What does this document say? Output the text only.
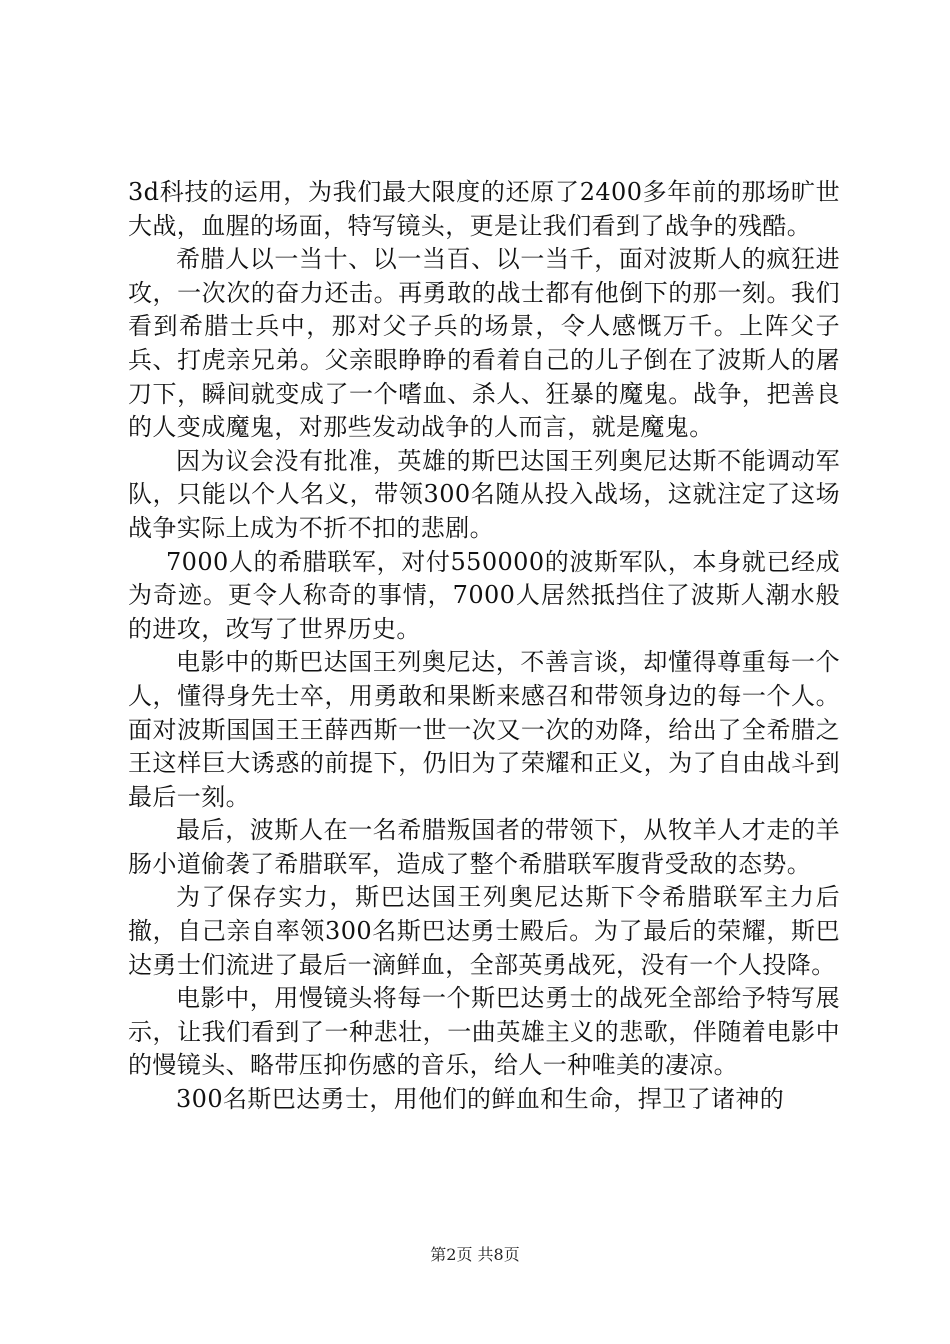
3d科技的运用，为我们最大限度的还原了2400多年前的那场旷世大战，血腥的场面，特写镜头，更是让我们看到了战争的残酷。

希腊人以一当十、以一当百、以一当千，面对波斯人的疯狂进攻，一次次的奋力还击。再勇敢的战士都有他倒下的那一刻。我们看到希腊士兵中，那对父子兵的场景，令人感慨万千。上阵父子兵、打虎亲兄弟。父亲眼睁睁的看着自己的儿子倒在了波斯人的屠刀下，瞬间就变成了一个嗜血、杀人、狂暴的魔鬼。战争，把善良的人变成魔鬼，对那些发动战争的人而言，就是魔鬼。

因为议会没有批准，英雄的斯巴达国王列奥尼达斯不能调动军队，只能以个人名义，带领300名随从投入战场，这就注定了这场战争实际上成为不折不扣的悲剧。

7000人的希腊联军，对付550000的波斯军队，本身就已经成为奇迹。更令人称奇的事情，7000人居然抵挡住了波斯人潮水般的进攻，改写了世界历史。

电影中的斯巴达国王列奥尼达，不善言谈，却懂得尊重每一个人，懂得身先士卒，用勇敢和果断来感召和带领身边的每一个人。面对波斯国国王王薛西斯一世一次又一次的劝降，给出了全希腊之王这样巨大诱惑的前提下，仍旧为了荣耀和正义，为了自由战斗到最后一刻。

最后，波斯人在一名希腊叛国者的带领下，从牧羊人才走的羊肠小道偷袭了希腊联军，造成了整个希腊联军腹背受敌的态势。

为了保存实力，斯巴达国王列奥尼达斯下令希腊联军主力后撤，自己亲自率领300名斯巴达勇士殿后。为了最后的荣耀，斯巴达勇士们流进了最后一滴鲜血，全部英勇战死，没有一个人投降。

电影中，用慢镜头将每一个斯巴达勇士的战死全部给予特写展示，让我们看到了一种悲壮，一曲英雄主义的悲歌，伴随着电影中的慢镜头、略带压抑伤感的音乐，给人一种唯美的凄凉。

300名斯巴达勇士，用他们的鲜血和生命，捍卫了诸神的

第2页 共8页
